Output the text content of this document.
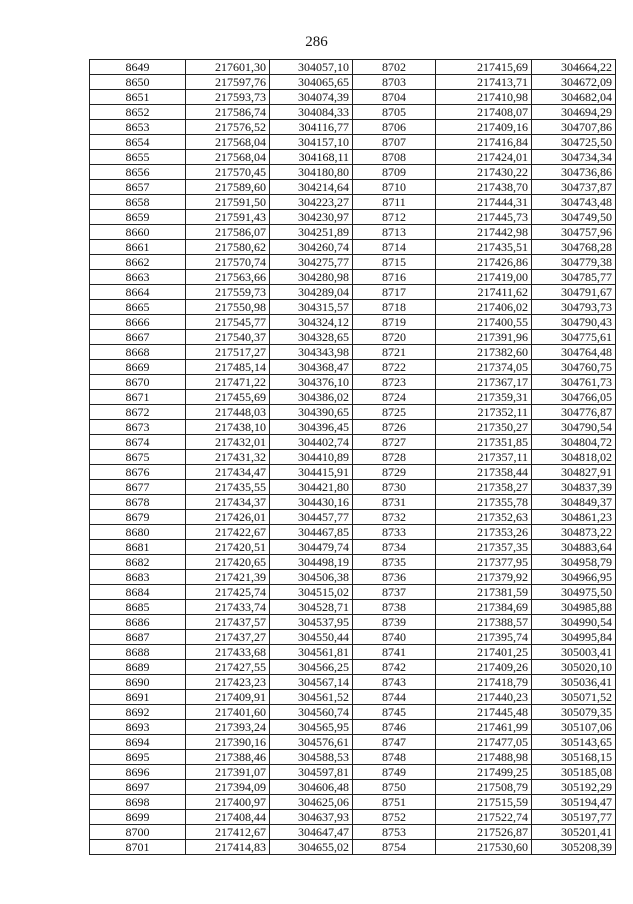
286
8649	217601,30	304057,10	8702	217415,69	304664,22
8650	217597,76	304065,65	8703	217413,71	304672,09
8651	217593,73	304074,39	8704	217410,98	304682,04
8652	217586,74	304084,33	8705	217408,07	304694,29
8653	217576,52	304116,77	8706	217409,16	304707,86
8654	217568,04	304157,10	8707	217416,84	304725,50
8655	217568,04	304168,11	8708	217424,01	304734,34
8656	217570,45	304180,80	8709	217430,22	304736,86
8657	217589,60	304214,64	8710	217438,70	304737,87
8658	217591,50	304223,27	8711	217444,31	304743,48
8659	217591,43	304230,97	8712	217445,73	304749,50
8660	217586,07	304251,89	8713	217442,98	304757,96
8661	217580,62	304260,74	8714	217435,51	304768,28
8662	217570,74	304275,77	8715	217426,86	304779,38
8663	217563,66	304280,98	8716	217419,00	304785,77
8664	217559,73	304289,04	8717	217411,62	304791,67
8665	217550,98	304315,57	8718	217406,02	304793,73
8666	217545,77	304324,12	8719	217400,55	304790,43
8667	217540,37	304328,65	8720	217391,96	304775,61
8668	217517,27	304343,98	8721	217382,60	304764,48
8669	217485,14	304368,47	8722	217374,05	304760,75
8670	217471,22	304376,10	8723	217367,17	304761,73
8671	217455,69	304386,02	8724	217359,31	304766,05
8672	217448,03	304390,65	8725	217352,11	304776,87
8673	217438,10	304396,45	8726	217350,27	304790,54
8674	217432,01	304402,74	8727	217351,85	304804,72
8675	217431,32	304410,89	8728	217357,11	304818,02
8676	217434,47	304415,91	8729	217358,44	304827,91
8677	217435,55	304421,80	8730	217358,27	304837,39
8678	217434,37	304430,16	8731	217355,78	304849,37
8679	217426,01	304457,77	8732	217352,63	304861,23
8680	217422,67	304467,85	8733	217353,26	304873,22
8681	217420,51	304479,74	8734	217357,35	304883,64
8682	217420,65	304498,19	8735	217377,95	304958,79
8683	217421,39	304506,38	8736	217379,92	304966,95
8684	217425,74	304515,02	8737	217381,59	304975,50
8685	217433,74	304528,71	8738	217384,69	304985,88
8686	217437,57	304537,95	8739	217388,57	304990,54
8687	217437,27	304550,44	8740	217395,74	304995,84
8688	217433,68	304561,81	8741	217401,25	305003,41
8689	217427,55	304566,25	8742	217409,26	305020,10
8690	217423,23	304567,14	8743	217418,79	305036,41
8691	217409,91	304561,52	8744	217440,23	305071,52
8692	217401,60	304560,74	8745	217445,48	305079,35
8693	217393,24	304565,95	8746	217461,99	305107,06
8694	217390,16	304576,61	8747	217477,05	305143,65
8695	217388,46	304588,53	8748	217488,98	305168,15
8696	217391,07	304597,81	8749	217499,25	305185,08
8697	217394,09	304606,48	8750	217508,79	305192,29
8698	217400,97	304625,06	8751	217515,59	305194,47
8699	217408,44	304637,93	8752	217522,74	305197,77
8700	217412,67	304647,47	8753	217526,87	305201,41
8701	217414,83	304655,02	8754	217530,60	305208,39
